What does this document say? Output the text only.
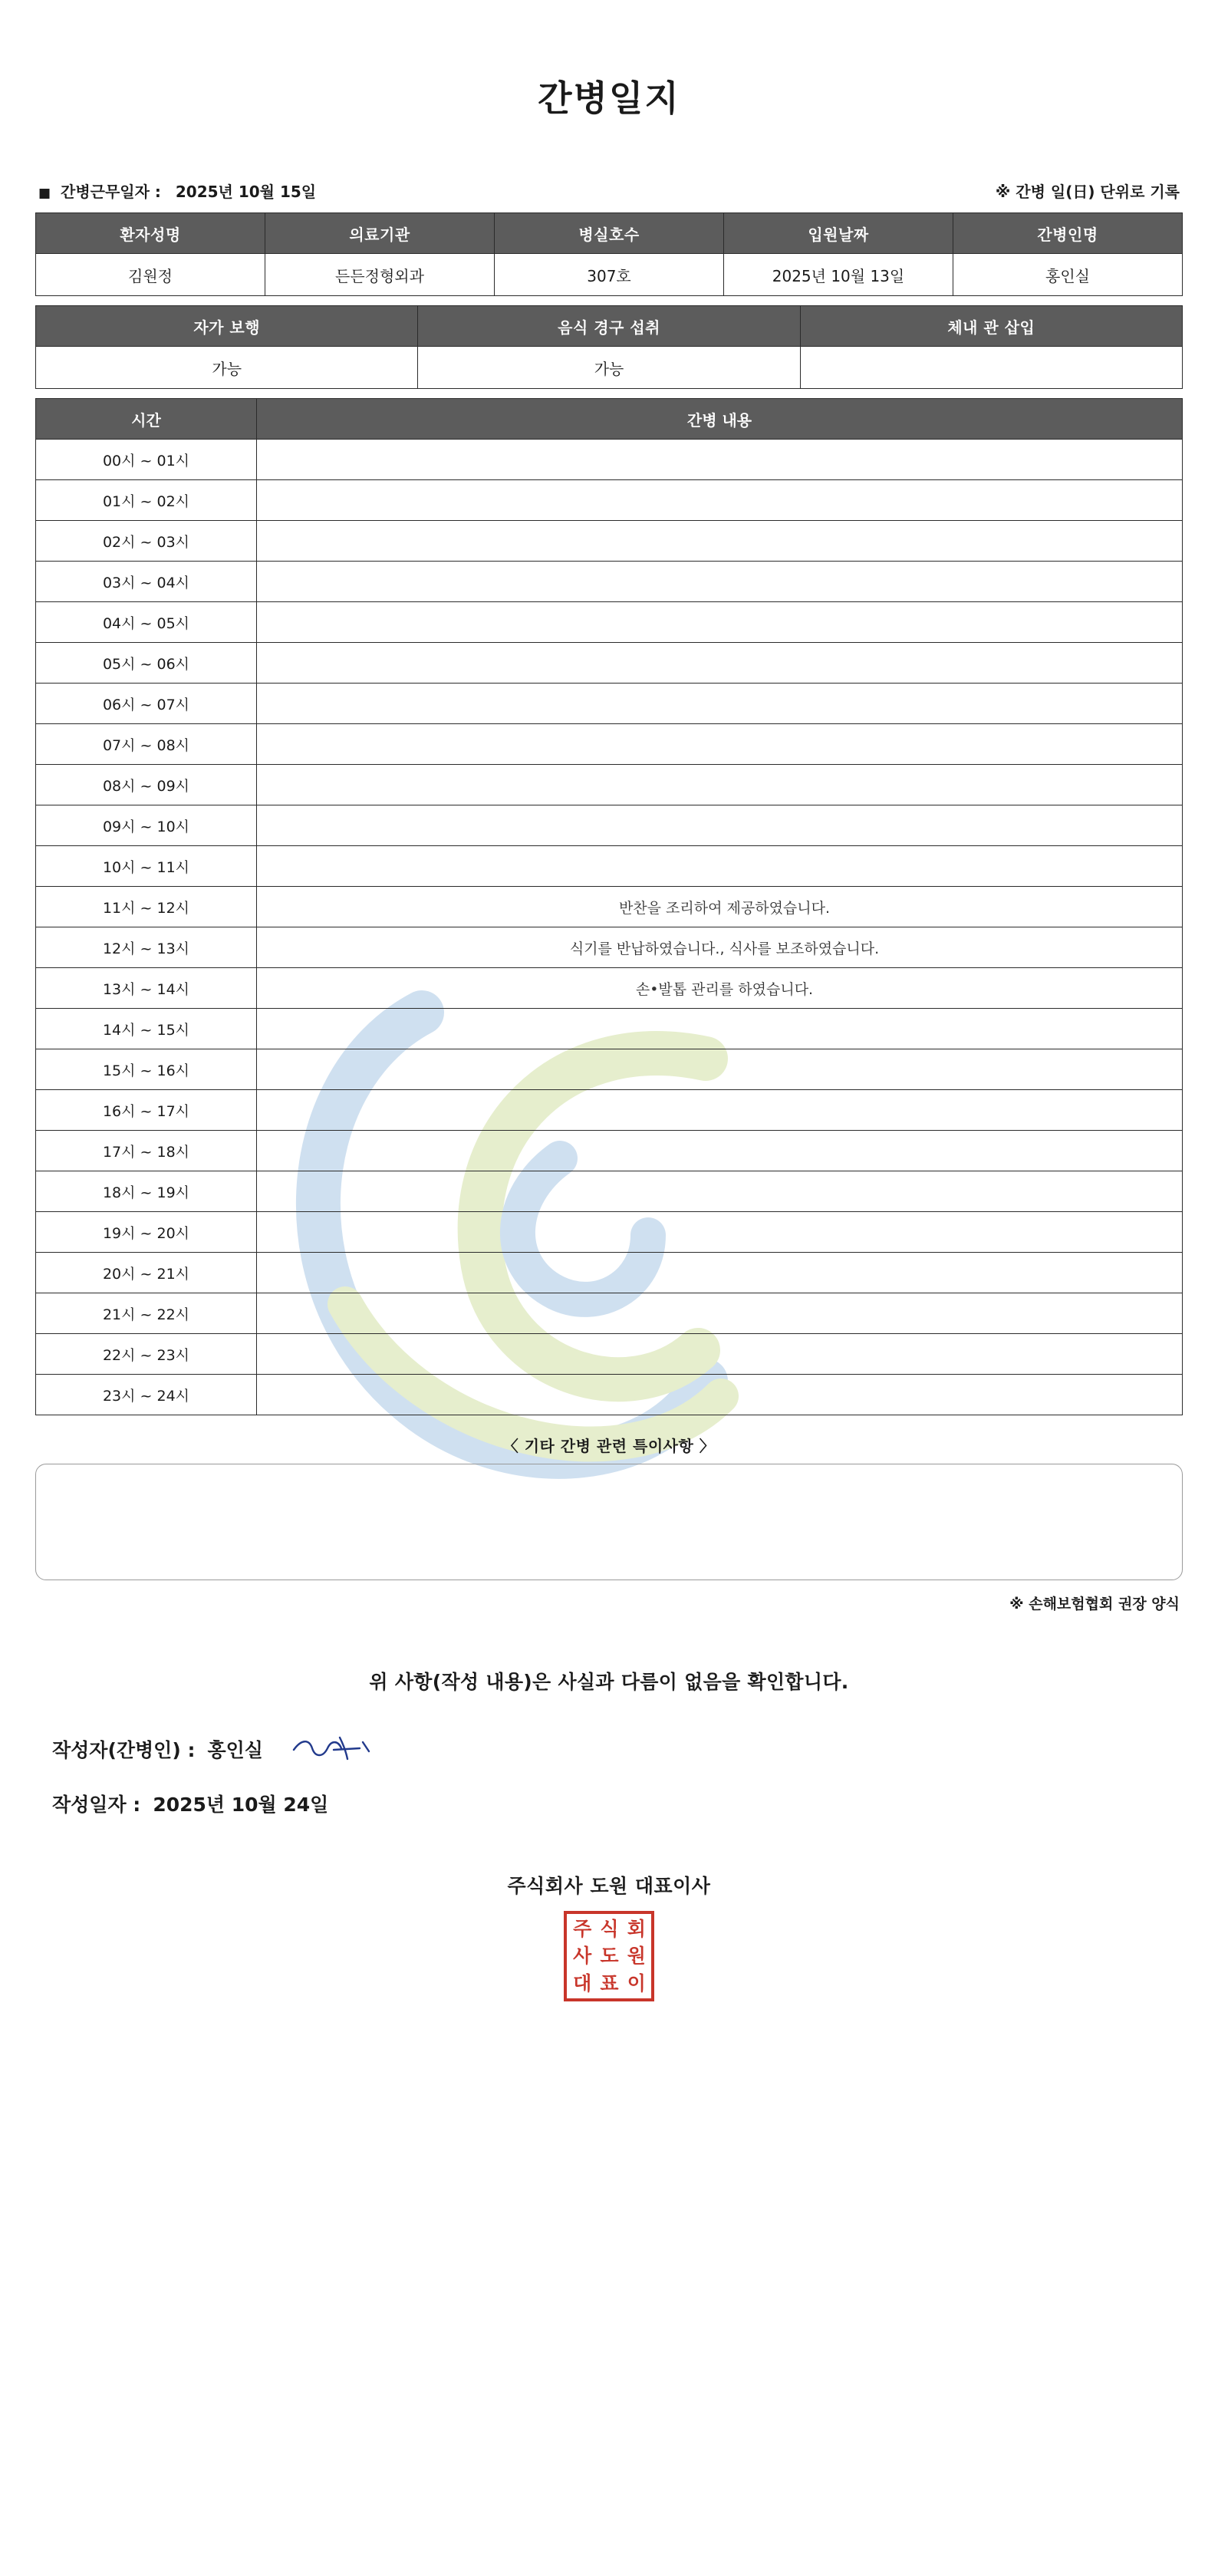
간병일지
■ 간병근무일자 : 2025년 10월 15일	※ 간병 일(日) 단위로 기록
환자성명	의료기관	병실호수	입원날짜	간병인명
김원정	든든정형외과	307호	2025년 10월 13일	홍인실
자가 보행	음식 경구 섭취	체내 관 삽입
가능	가능	
시간	간병 내용
00시 ~ 01시	
01시 ~ 02시	
02시 ~ 03시	
03시 ~ 04시	
04시 ~ 05시	
05시 ~ 06시	
06시 ~ 07시	
07시 ~ 08시	
08시 ~ 09시	
09시 ~ 10시	
10시 ~ 11시	
11시 ~ 12시	반찬을 조리하여 제공하였습니다.
12시 ~ 13시	식기를 반납하였습니다., 식사를 보조하였습니다.
13시 ~ 14시	손•발톱 관리를 하였습니다.
14시 ~ 15시	
15시 ~ 16시	
16시 ~ 17시	
17시 ~ 18시	
18시 ~ 19시	
19시 ~ 20시	
20시 ~ 21시	
21시 ~ 22시	
22시 ~ 23시	
23시 ~ 24시	
〈 기타 간병 관련 특이사항 〉
※ 손해보험협회 권장 양식
위 사항(작성 내용)은 사실과 다름이 없음을 확인합니다.
작성자(간병인) : 홍인실
작성일자 : 2025년 10월 24일
주식회사 도원 대표이사
주 식 회
사 도 원
대 표 이
